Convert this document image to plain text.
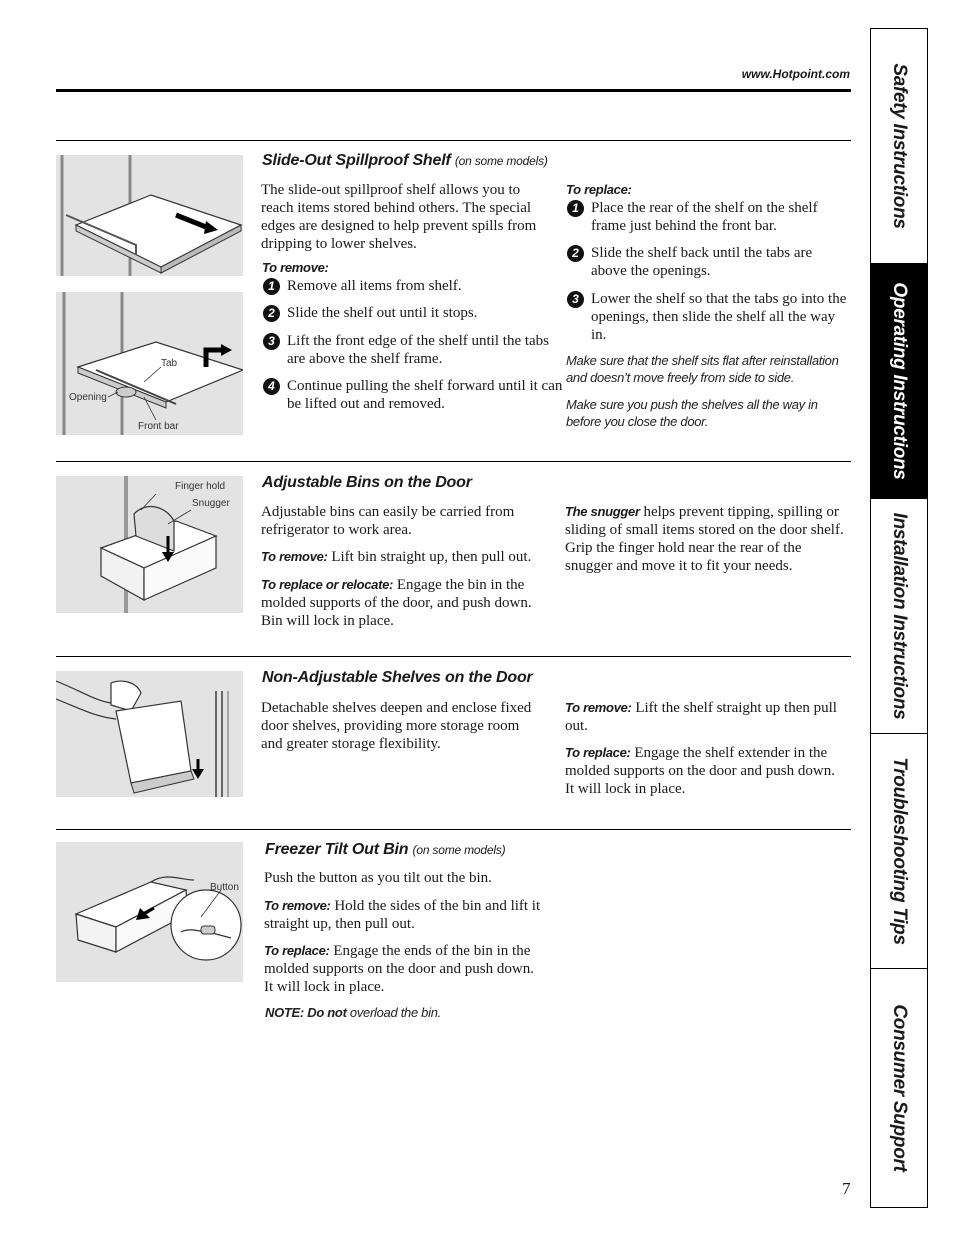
www.Hotpoint.com Safety Instructions
Operating Instructions
Installation Instructions
Troubleshooting Tips
Consumer Support
Tab
Opening
Front bar
Slide-Out Spillproof Shelf (on some models)
The slide-out spillproof shelf allows you to reach items stored behind others. The special edges are designed to help prevent spills from dripping to lower shelves.
To remove:
1 Remove all items from shelf.
2 Slide the shelf out until it stops.
3 Lift the front edge of the shelf until the tabs are above the shelf frame.
4 Continue pulling the shelf forward until it can be lifted out and removed.
To replace:
1 Place the rear of the shelf on the shelf frame just behind the front bar.
2 Slide the shelf back until the tabs are above the openings.
3 Lower the shelf so that the tabs go into the openings, then slide the shelf all the way in.
Make sure that the shelf sits flat after reinstallation and doesn’t move freely from side to side.
Make sure you push the shelves all the way in before you close the door.
Finger hold
Snugger
Adjustable Bins on the Door
Adjustable bins can easily be carried from refrigerator to work area.
To remove: Lift bin straight up, then pull out.
To replace or relocate: Engage the bin in the molded supports of the door, and push down. Bin will lock in place.
The snugger helps prevent tipping, spilling or sliding of small items stored on the door shelf. Grip the finger hold near the rear of the snugger and move it to fit your needs.
Non-Adjustable Shelves on the Door
Detachable shelves deepen and enclose fixed door shelves, providing more storage room and greater storage flexibility.
To remove: Lift the shelf straight up then pull out.
To replace: Engage the shelf extender in the molded supports on the door and push down. It will lock in place.
Button
Freezer Tilt Out Bin (on some models)
Push the button as you tilt out the bin.
To remove: Hold the sides of the bin and lift it straight up, then pull out.
To replace: Engage the ends of the bin in the molded supports on the door and push down. It will lock in place.
NOTE: Do not overload the bin.
7
